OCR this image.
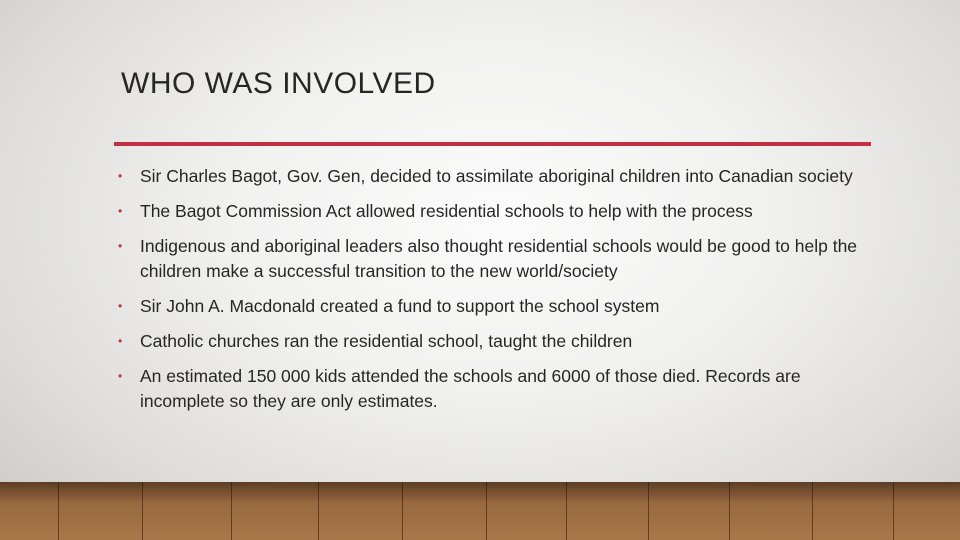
WHO WAS INVOLVED
•	Sir Charles Bagot, Gov. Gen, decided to assimilate aboriginal children into Canadian society
•	The Bagot Commission Act allowed residential schools to help with the process
•	Indigenous and aboriginal leaders also thought residential schools would be good to help the children make a successful transition to the new world/society
•	Sir John A. Macdonald created a fund to support the school system
•	Catholic churches ran the residential school, taught the children
•	An estimated 150 000 kids attended the schools and 6000 of those died. Records are incomplete so they are only estimates.
